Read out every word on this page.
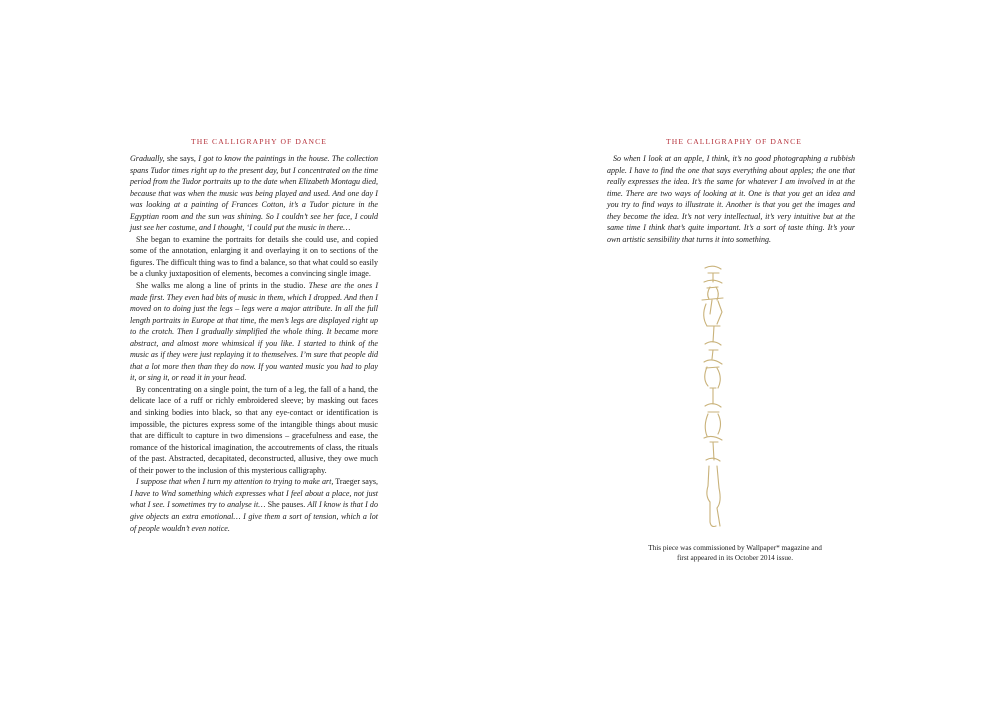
THE CALLIGRAPHY OF DANCE

Gradually, she says, I got to know the paintings in the house. The collection spans Tudor times right up to the present day, but I concentrated on the time period from the Tudor portraits up to the date when Elizabeth Montagu died, because that was when the music was being played and used. And one day I was looking at a painting of Frances Cotton, it’s a Tudor picture in the Egyptian room and the sun was shining. So I couldn’t see her face, I could just see her costume, and I thought, ‘I could put the music in there…

She began to examine the portraits for details she could use, and copied some of the annotation, enlarging it and overlaying it on to sections of the figures. The difficult thing was to find a balance, so that what could so easily be a clunky juxtaposition of elements, becomes a convincing single image.

She walks me along a line of prints in the studio. These are the ones I made first. They even had bits of music in them, which I dropped. And then I moved on to doing just the legs – legs were a major attribute. In all the full length portraits in Europe at that time, the men’s legs are displayed right up to the crotch. Then I gradually simplified the whole thing. It became more abstract, and almost more whimsical if you like. I started to think of the music as if they were just replaying it to themselves. I’m sure that people did that a lot more then than they do now. If you wanted music you had to play it, or sing it, or read it in your head.

By concentrating on a single point, the turn of a leg, the fall of a hand, the delicate lace of a ruff or richly embroidered sleeve; by masking out faces and sinking bodies into black, so that any eye-contact or identification is impossible, the pictures express some of the intangible things about music that are difficult to capture in two dimensions – gracefulness and ease, the romance of the historical imagination, the accoutrements of class, the rituals of the past. Abstracted, decapitated, deconstructed, allusive, they owe much of their power to the inclusion of this mysterious calligraphy.

I suppose that when I turn my attention to trying to make art, Traeger says, I have to Wnd something which expresses what I feel about a place, not just what I see. I sometimes try to analyse it… She pauses. All I know is that I do give objects an extra emotional… I give them a sort of tension, which a lot of people wouldn’t even notice.

THE CALLIGRAPHY OF DANCE

So when I look at an apple, I think, it’s no good photographing a rubbish apple. I have to find the one that says everything about apples; the one that really expresses the idea. It’s the same for whatever I am involved in at the time. There are two ways of looking at it. One is that you get an idea and you try to find ways to illustrate it. Another is that you get the images and they become the idea. It’s not very intellectual, it’s very intuitive but at the same time I think that’s quite important. It’s a sort of taste thing. It’s your own artistic sensibility that turns it into something.

This piece was commissioned by Wallpaper* magazine and
first appeared in its October 2014 issue.
